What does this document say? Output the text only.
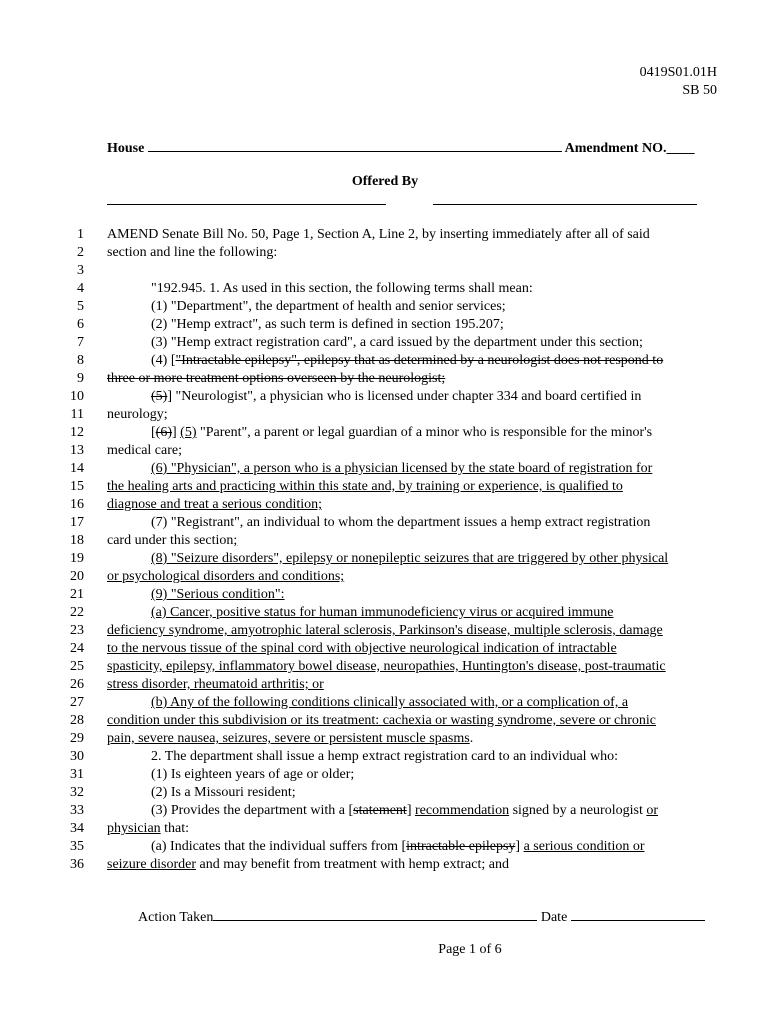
0419S01.01H
SB 50
House	Amendment NO.____
Offered By
1 AMEND Senate Bill No. 50, Page 1, Section A, Line 2, by inserting immediately after all of said
2 section and line the following:
3
4	"192.945. 1. As used in this section, the following terms shall mean:
5	(1) "Department", the department of health and senior services;
6	(2) "Hemp extract", as such term is defined in section 195.207;
7	(3) "Hemp extract registration card", a card issued by the department under this section;
8	(4) ["Intractable epilepsy", epilepsy that as determined by a neurologist does not respond to
9 three or more treatment options overseen by the neurologist;
10	(5)] "Neurologist", a physician who is licensed under chapter 334 and board certified in
11 neurology;
12	[(6)] (5) "Parent", a parent or legal guardian of a minor who is responsible for the minor's
13 medical care;
14	(6) "Physician", a person who is a physician licensed by the state board of registration for
15 the healing arts and practicing within this state and, by training or experience, is qualified to
16 diagnose and treat a serious condition;
17	(7) "Registrant", an individual to whom the department issues a hemp extract registration
18 card under this section;
19	(8) "Seizure disorders", epilepsy or nonepileptic seizures that are triggered by other physical
20 or psychological disorders and conditions;
21	(9) "Serious condition":
22	(a) Cancer, positive status for human immunodeficiency virus or acquired immune
23 deficiency syndrome, amyotrophic lateral sclerosis, Parkinson's disease, multiple sclerosis, damage
24 to the nervous tissue of the spinal cord with objective neurological indication of intractable
25 spasticity, epilepsy, inflammatory bowel disease, neuropathies, Huntington's disease, post-traumatic
26 stress disorder, rheumatoid arthritis; or
27	(b) Any of the following conditions clinically associated with, or a complication of, a
28 condition under this subdivision or its treatment: cachexia or wasting syndrome, severe or chronic
29 pain, severe nausea, seizures, severe or persistent muscle spasms.
30	2. The department shall issue a hemp extract registration card to an individual who:
31	(1) Is eighteen years of age or older;
32	(2) Is a Missouri resident;
33	(3) Provides the department with a [statement] recommendation signed by a neurologist or
34 physician that:
35	(a) Indicates that the individual suffers from [intractable epilepsy] a serious condition or
36 seizure disorder and may benefit from treatment with hemp extract; and
Action Taken	Date
Page 1 of 6
